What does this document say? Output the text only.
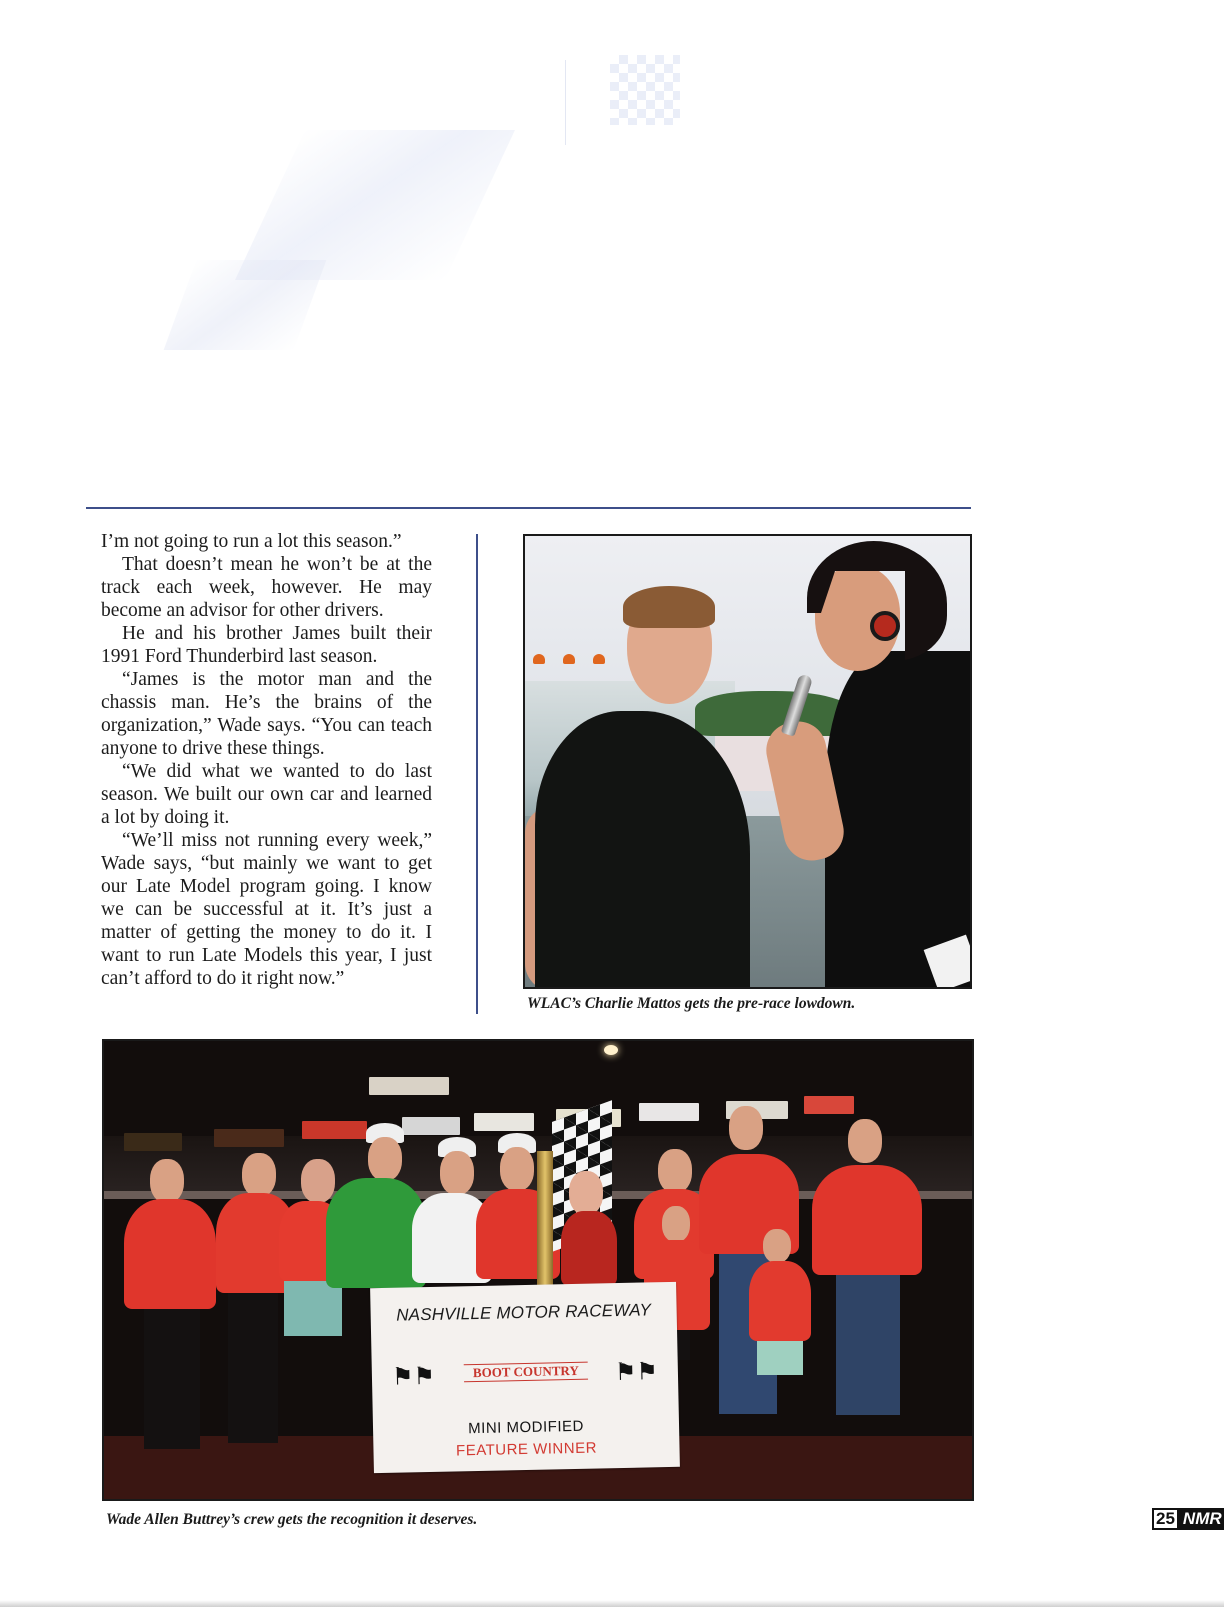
I’m not going to run a lot this season.”

That doesn’t mean he won’t be at the track each week, however. He may become an advisor for other drivers.

He and his brother James built their 1991 Ford Thunderbird last season.

“James is the motor man and the chassis man. He’s the brains of the organization,” Wade says. “You can teach anyone to drive these things.

“We did what we wanted to do last season. We built our own car and learned a lot by doing it.

“We’ll miss not running every week,” Wade says, “but mainly we want to get our Late Model program going. I know we can be successful at it. It’s just a matter of getting the money to do it. I want to run Late Models this year, I just can’t afford to do it right now.”

WLAC’s Charlie Mattos gets the pre-race lowdown.
NASHVILLE MOTOR RACEWAY
⚑⚑	BOOT COUNTRY	⚑⚑
MINI MODIFIED
FEATURE WINNER
Wade Allen Buttrey’s crew gets the recognition it deserves.	25 NMR
